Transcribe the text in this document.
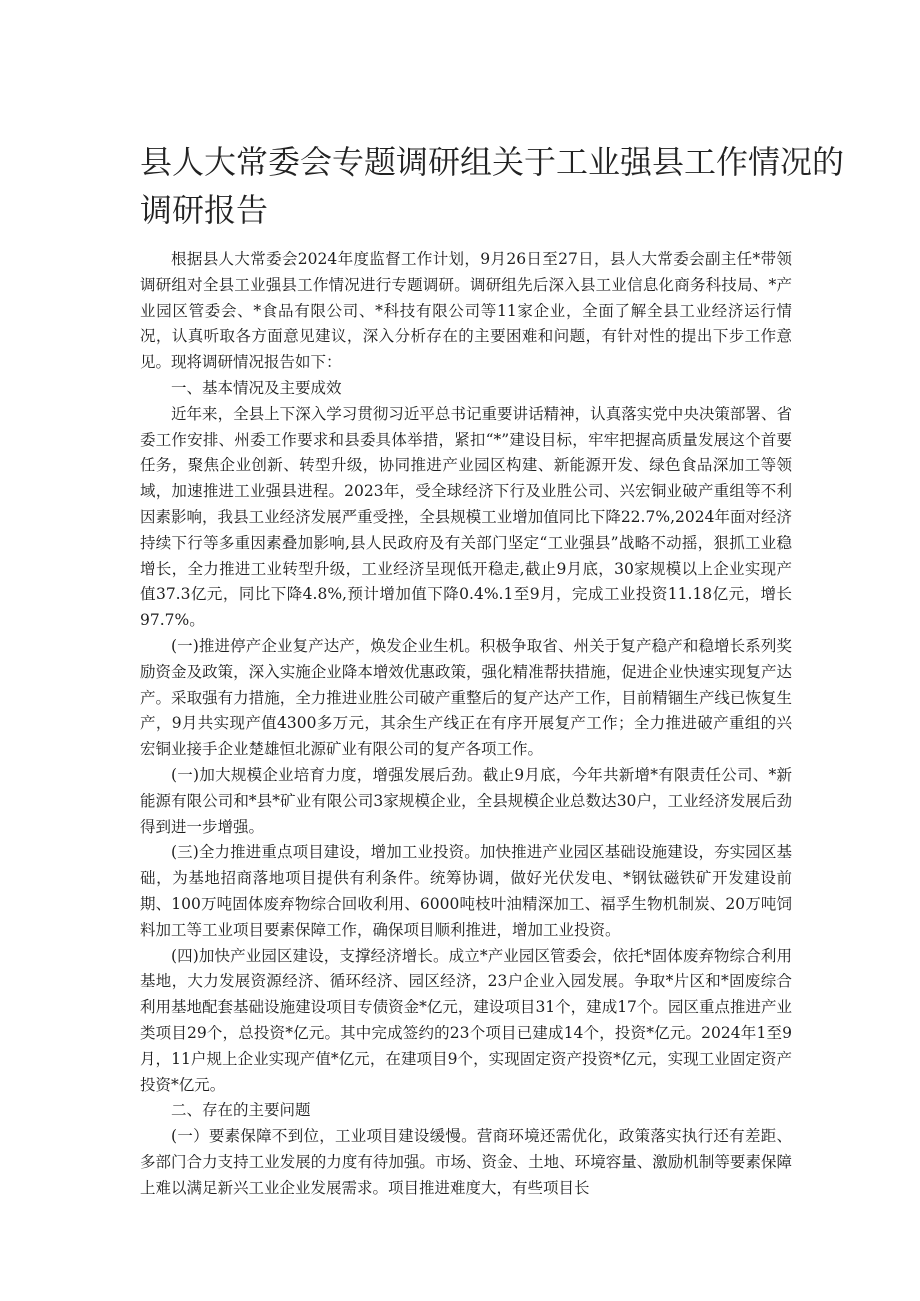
县人大常委会专题调研组关于工业强县工作情况的
调研报告

根据县人大常委会2024年度监督工作计划，9月26日至27日，县人大常委会副主任*带领调研组对全县工业强县工作情况进行专题调研。调研组先后深入县工业信息化商务科技局、*产业园区管委会、*食品有限公司、*科技有限公司等11家企业，全面了解全县工业经济运行情况，认真听取各方面意见建议，深入分析存在的主要困难和问题，有针对性的提出下步工作意见。现将调研情况报告如下：

一、基本情况及主要成效

近年来，全县上下深入学习贯彻习近平总书记重要讲话精神，认真落实党中央决策部署、省委工作安排、州委工作要求和县委具体举措，紧扣“*”建设目标，牢牢把握高质量发展这个首要任务，聚焦企业创新、转型升级，协同推进产业园区构建、新能源开发、绿色食品深加工等领域，加速推进工业强县进程。2023年，受全球经济下行及业胜公司、兴宏铜业破产重组等不利因素影响，我县工业经济发展严重受挫，全县规模工业增加值同比下降22.7%,2024年面对经济持续下行等多重因素叠加影响,县人民政府及有关部门坚定“工业强县”战略不动摇，狠抓工业稳增长，全力推进工业转型升级，工业经济呈现低开稳走,截止9月底，30家规模以上企业实现产值37.3亿元，同比下降4.8%,预计增加值下降0.4%.1至9月，完成工业投资11.18亿元，增长97.7%。

(一)推进停产企业复产达产，焕发企业生机。积极争取省、州关于复产稳产和稳增长系列奖励资金及政策，深入实施企业降本增效优惠政策，强化精准帮扶措施，促进企业快速实现复产达产。采取强有力措施，全力推进业胜公司破产重整后的复产达产工作，目前精锢生产线已恢复生产，9月共实现产值4300多万元，其余生产线正在有序开展复产工作；全力推进破产重组的兴宏铜业接手企业楚雄恒北源矿业有限公司的复产各项工作。

(一)加大规模企业培育力度，增强发展后劲。截止9月底，今年共新增*有限责任公司、*新能源有限公司和*县*矿业有限公司3家规模企业，全县规模企业总数达30户，工业经济发展后劲得到进一步增强。

(三)全力推进重点项目建设，增加工业投资。加快推进产业园区基础设施建设，夯实园区基础，为基地招商落地项目提供有利条件。统筹协调，做好光伏发电、*钢钛磁铁矿开发建设前期、100万吨固体废弃物综合回收利用、6000吨枝叶油精深加工、福孚生物机制炭、20万吨饲料加工等工业项目要素保障工作，确保项目顺利推进，增加工业投资。

(四)加快产业园区建设，支撑经济增长。成立*产业园区管委会，依托*固体废弃物综合利用基地，大力发展资源经济、循环经济、园区经济，23户企业入园发展。争取*片区和*固废综合利用基地配套基础设施建设项目专债资金*亿元，建设项目31个，建成17个。园区重点推进产业类项目29个，总投资*亿元。其中完成签约的23个项目已建成14个，投资*亿元。2024年1至9月，11户规上企业实现产值*亿元，在建项目9个，实现固定资产投资*亿元，实现工业固定资产投资*亿元。

二、存在的主要问题

(一）要素保障不到位，工业项目建设缓慢。营商环境还需优化，政策落实执行还有差距、多部门合力支持工业发展的力度有待加强。市场、资金、土地、环境容量、激励机制等要素保障上难以满足新兴工业企业发展需求。项目推进难度大，有些项目长
